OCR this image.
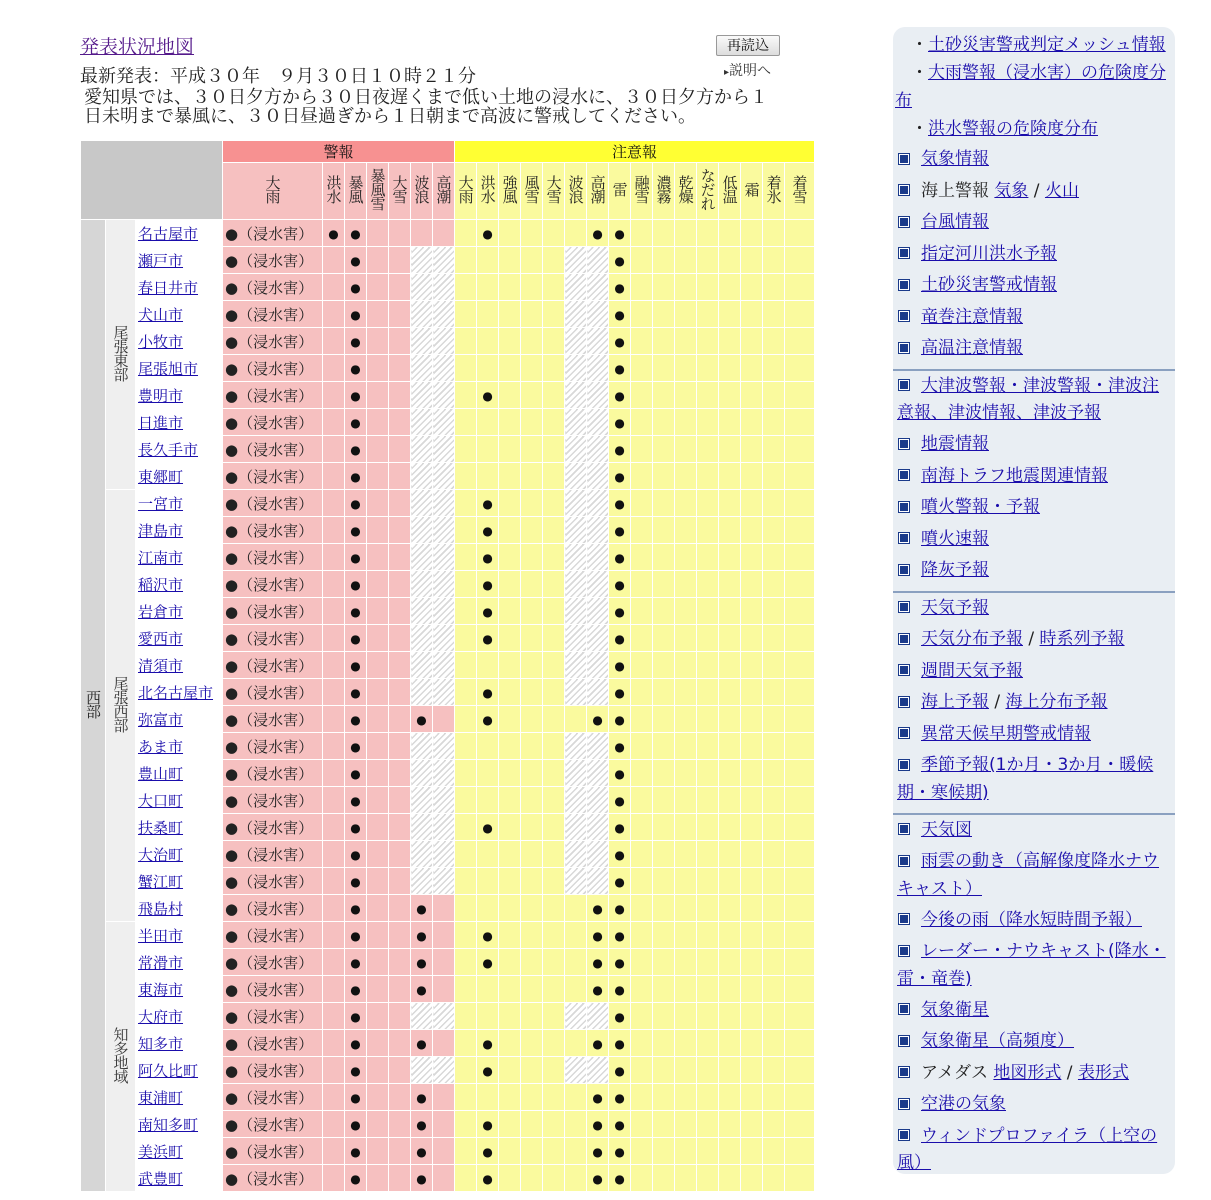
発表状況地図	再読込
▸説明へ
最新発表：平成３０年　９月３０日１０時２１分
愛知県では、３０日夕方から３０日夜遅くまで低い土地の浸水に、３０日夕方から１日未明まで暴風に、３０日昼過ぎから１日朝まで高波に警戒してください。
			警報							注意報															
			大雨	洪水	暴風	暴風雪	大雪	波浪	高潮	大雨	洪水	強風	風雪	大雪	波浪	高潮	雷	融雪	濃霧	乾燥	なだれ	低温	霜	着氷	着雪
西部	尾張東部	名古屋市	●（浸水害）	●	●						●					●	●								
		瀬戸市	●（浸水害）		●												●								
		春日井市	●（浸水害）		●												●								
		犬山市	●（浸水害）		●												●								
		小牧市	●（浸水害）		●												●								
		尾張旭市	●（浸水害）		●												●								
		豊明市	●（浸水害）		●						●						●								
		日進市	●（浸水害）		●												●								
		長久手市	●（浸水害）		●												●								
		東郷町	●（浸水害）		●												●								
	尾張西部	一宮市	●（浸水害）		●						●						●								
		津島市	●（浸水害）		●						●						●								
		江南市	●（浸水害）		●						●						●								
		稲沢市	●（浸水害）		●						●						●								
		岩倉市	●（浸水害）		●						●						●								
		愛西市	●（浸水害）		●						●						●								
		清須市	●（浸水害）		●												●								
		北名古屋市	●（浸水害）		●						●						●								
		弥富市	●（浸水害）		●			●			●					●	●								
		あま市	●（浸水害）		●												●								
		豊山町	●（浸水害）		●												●								
		大口町	●（浸水害）		●												●								
		扶桑町	●（浸水害）		●						●						●								
		大治町	●（浸水害）		●												●								
		蟹江町	●（浸水害）		●												●								
		飛島村	●（浸水害）		●			●								●	●								
	知多地域	半田市	●（浸水害）		●			●			●					●	●								
		常滑市	●（浸水害）		●			●			●					●	●								
		東海市	●（浸水害）		●			●								●	●								
		大府市	●（浸水害）		●												●								
		知多市	●（浸水害）		●			●			●					●	●								
		阿久比町	●（浸水害）		●						●						●								
		東浦町	●（浸水害）		●			●								●	●								
		南知多町	●（浸水害）		●			●			●					●	●								
		美浜町	●（浸水害）		●			●			●					●	●								
		武豊町	●（浸水害）		●			●			●					●	●								
・土砂災害警戒判定メッシュ情報
・大雨警報（浸水害）の危険度分
布
・洪水警報の危険度分布
気象情報
海上警報 気象 / 火山
台風情報
指定河川洪水予報
土砂災害警戒情報
竜巻注意情報
高温注意情報
大津波警報・津波警報・津波注
意報、津波情報、津波予報
地震情報
南海トラフ地震関連情報
噴火警報・予報
噴火速報
降灰予報
天気予報
天気分布予報 / 時系列予報
週間天気予報
海上予報 / 海上分布予報
異常天候早期警戒情報
季節予報(1か月・3か月・暖候
期・寒候期)
天気図
雨雲の動き（高解像度降水ナウ
キャスト）
今後の雨（降水短時間予報）
レーダー・ナウキャスト(降水・
雷・竜巻)
気象衛星
気象衛星（高頻度）
アメダス 地図形式 / 表形式
空港の気象
ウィンドプロファイラ（上空の
風）
